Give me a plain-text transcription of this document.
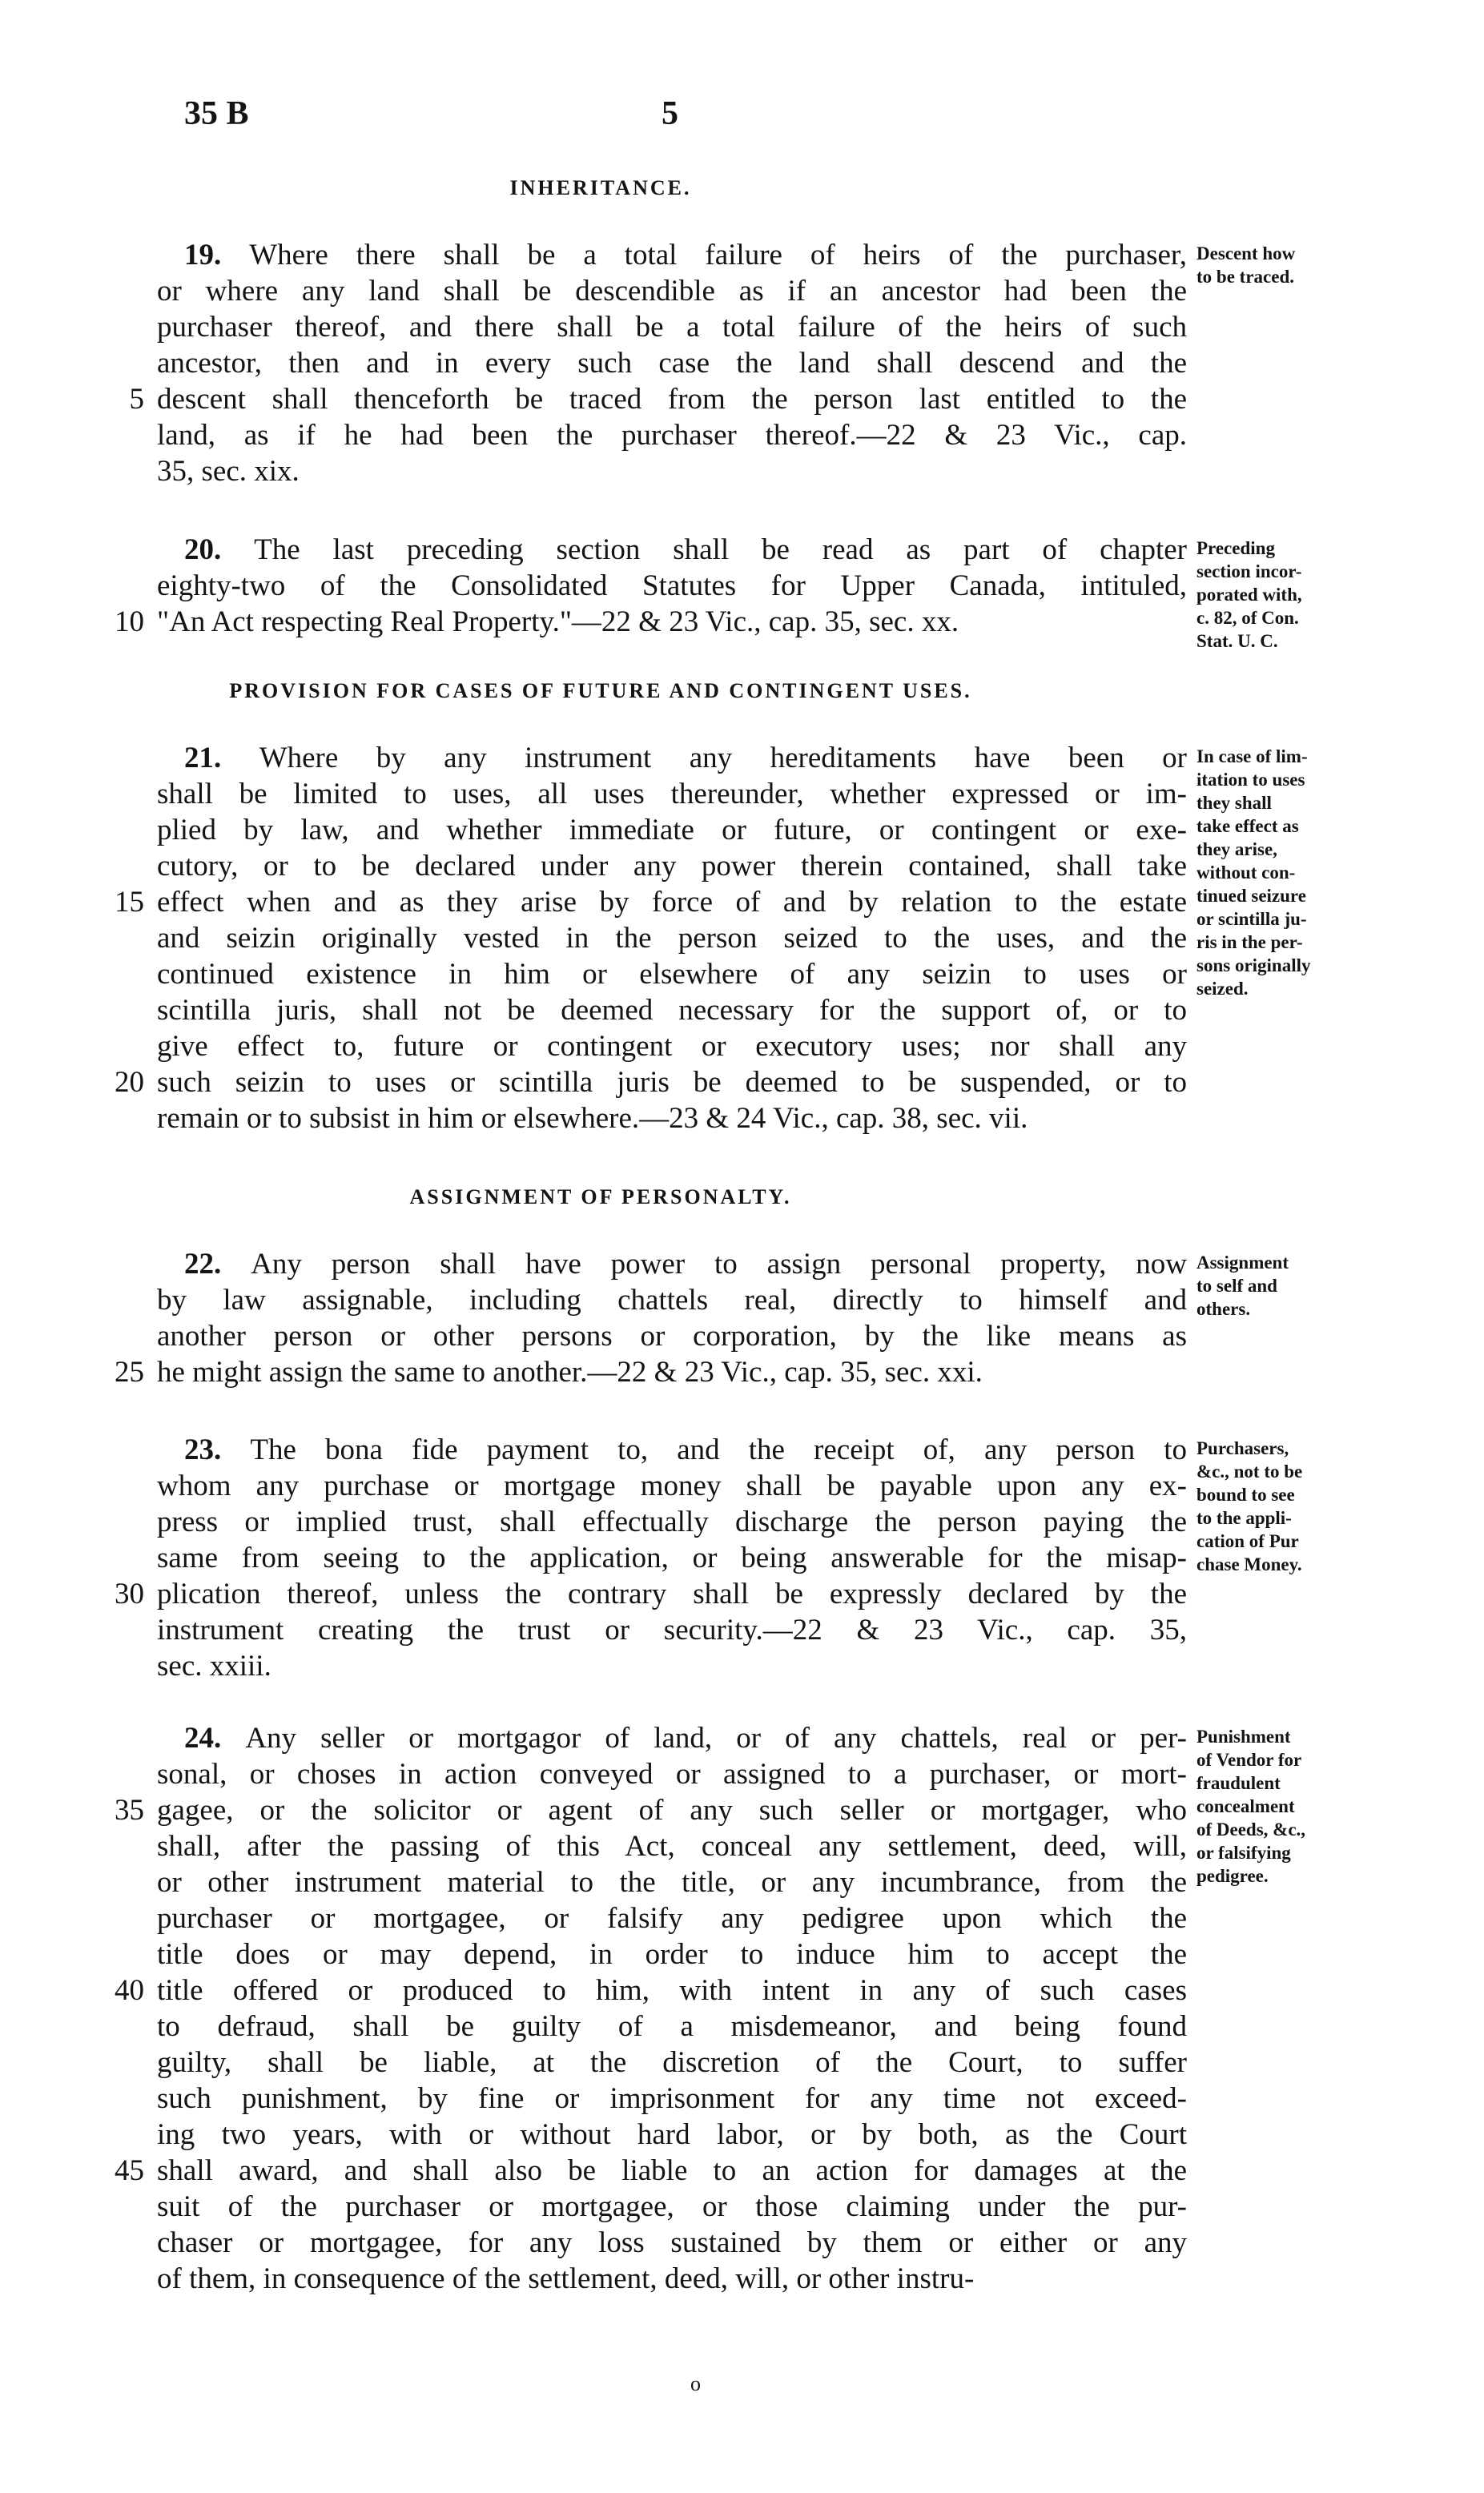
35 B	5
INHERITANCE.
19. Where there shall be a total failure of heirs of the purchaser,
or where any land shall be descendible as if an ancestor had been the
purchaser thereof, and there shall be a total failure of the heirs of such
ancestor, then and in every such case the land shall descend and the
descent shall thenceforth be traced from the person last entitled to the
5
land, as if he had been the purchaser thereof.—22 & 23 Vic., cap.
35, sec. xix.
Descent how
to be traced.
20. The last preceding section shall be read as part of chapter
eighty-two of the Consolidated Statutes for Upper Canada, intituled,
"An Act respecting Real Property."—22 & 23 Vic., cap. 35, sec. xx.
10
Preceding
section incor-
porated with,
c. 82, of Con.
Stat. U. C.
PROVISION FOR CASES OF FUTURE AND CONTINGENT USES.
21. Where by any instrument any hereditaments have been or
shall be limited to uses, all uses thereunder, whether expressed or im-
plied by law, and whether immediate or future, or contingent or exe-
cutory, or to be declared under any power therein contained, shall take
effect when and as they arise by force of and by relation to the estate
15
and seizin originally vested in the person seized to the uses, and the
continued existence in him or elsewhere of any seizin to uses or
scintilla juris, shall not be deemed necessary for the support of, or to
give effect to, future or contingent or executory uses; nor shall any
such seizin to uses or scintilla juris be deemed to be suspended, or to
20
remain or to subsist in him or elsewhere.—23 & 24 Vic., cap. 38, sec. vii.
In case of lim-
itation to uses
they shall
take effect as
they arise,
without con-
tinued seizure
or scintilla ju-
ris in the per-
sons originally
seized.
ASSIGNMENT OF PERSONALTY.
22. Any person shall have power to assign personal property, now
by law assignable, including chattels real, directly to himself and
another person or other persons or corporation, by the like means as
he might assign the same to another.—22 & 23 Vic., cap. 35, sec. xxi.
25
Assignment
to self and
others.
23. The bona fide payment to, and the receipt of, any person to
whom any purchase or mortgage money shall be payable upon any ex-
press or implied trust, shall effectually discharge the person paying the
same from seeing to the application, or being answerable for the misap-
plication thereof, unless the contrary shall be expressly declared by the
30
instrument creating the trust or security.—22 & 23 Vic., cap. 35,
sec. xxiii.
Purchasers,
&c., not to be
bound to see
to the appli-
cation of Pur
chase Money.
24. Any seller or mortgagor of land, or of any chattels, real or per-
sonal, or choses in action conveyed or assigned to a purchaser, or mort-
gagee, or the solicitor or agent of any such seller or mortgager, who
35
shall, after the passing of this Act, conceal any settlement, deed, will,
or other instrument material to the title, or any incumbrance, from the
purchaser or mortgagee, or falsify any pedigree upon which the
title does or may depend, in order to induce him to accept the
title offered or produced to him, with intent in any of such cases
40
to defraud, shall be guilty of a misdemeanor, and being found
guilty, shall be liable, at the discretion of the Court, to suffer
such punishment, by fine or imprisonment for any time not exceed-
ing two years, with or without hard labor, or by both, as the Court
shall award, and shall also be liable to an action for damages at the
45
suit of the purchaser or mortgagee, or those claiming under the pur-
chaser or mortgagee, for any loss sustained by them or either or any
of them, in consequence of the settlement, deed, will, or other instru-
Punishment
of Vendor for
fraudulent
concealment
of Deeds, &c.,
or falsifying
pedigree.
o
